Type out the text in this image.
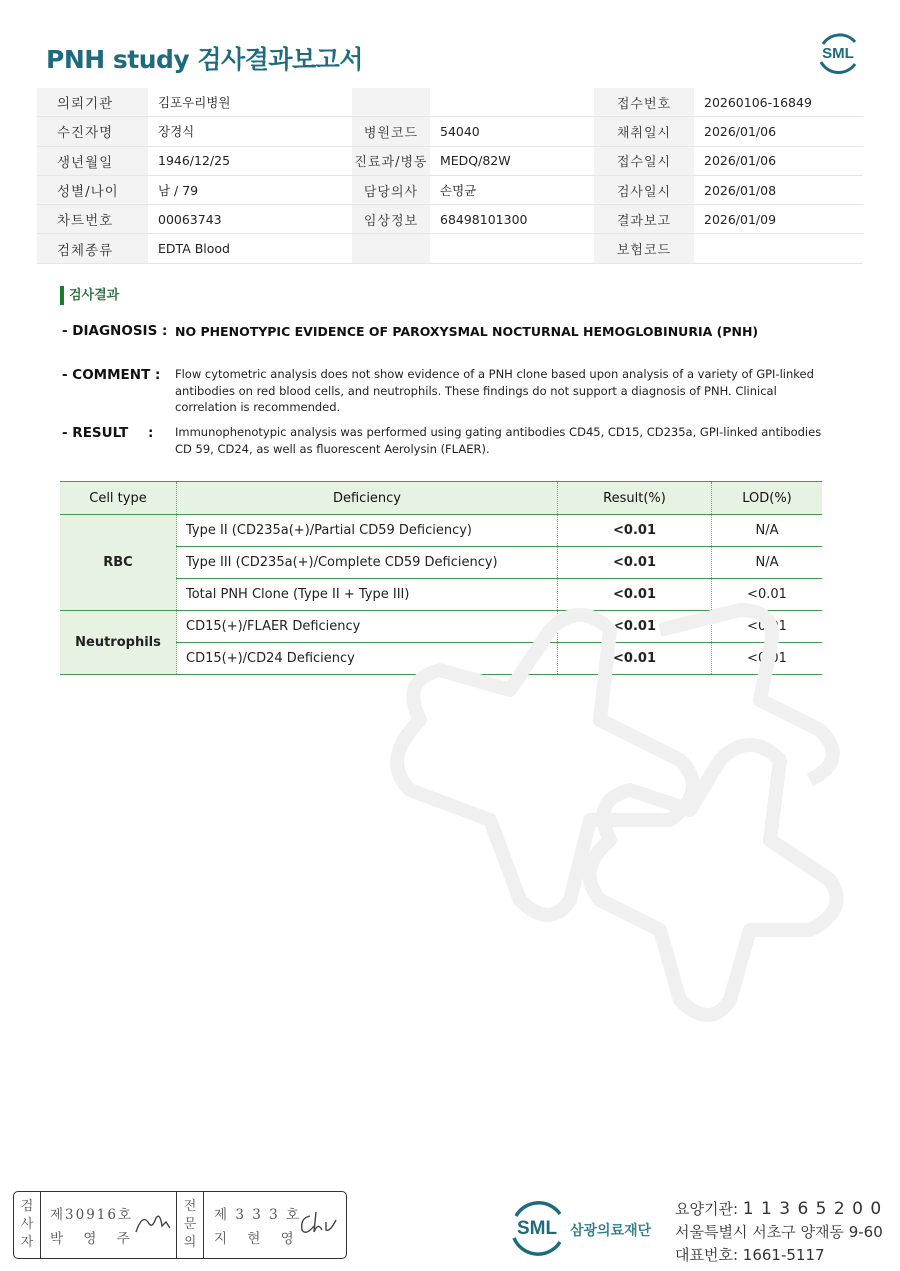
PNH study 검사결과보고서	SML
의뢰기관	김포우리병원			접수번호	20260106-16849
수진자명	장경식	병원코드	54040	채취일시	2026/01/06
생년월일	1946/12/25	진료과/병동	MEDQ/82W	접수일시	2026/01/06
성별/나이	남 / 79	담당의사	손명균	검사일시	2026/01/08
차트번호	00063743	임상정보	68498101300	결과보고	2026/01/09
검체종류	EDTA Blood			보험코드	
검사결과
- DIAGNOSIS : NO PHENOTYPIC EVIDENCE OF PAROXYSMAL NOCTURNAL HEMOGLOBINURIA (PNH)
- COMMENT : Flow cytometric analysis does not show evidence of a PNH clone based upon analysis of a variety of GPI-linked antibodies on red blood cells, and neutrophils. These findings do not support a diagnosis of PNH. Clinical correlation is recommended.
- RESULT : Immunophenotypic analysis was performed using gating antibodies CD45, CD15, CD235a, GPI-linked antibodies CD 59, CD24, as well as fluorescent Aerolysin (FLAER).
Cell type	Deficiency	Result(%)	LOD(%)
RBC	Type II (CD235a(+)/Partial CD59 Deficiency)	<0.01	N/A
	Type III (CD235a(+)/Complete CD59 Deficiency)	<0.01	N/A
	Total PNH Clone (Type II + Type III)	<0.01	<0.01
Neutrophils	CD15(+)/FLAER Deficiency	<0.01	<0.01
	CD15(+)/CD24 Deficiency	<0.01	<0.01
검
사
자
제30916호
박 영 주
전
문
의
제 3 3 3 호
지 현 영	SML 삼광의료재단
요양기관: 1 1 3 6 5 2 0 0
서울특별시 서초구 양재동 9-60
대표번호: 1661-5117
